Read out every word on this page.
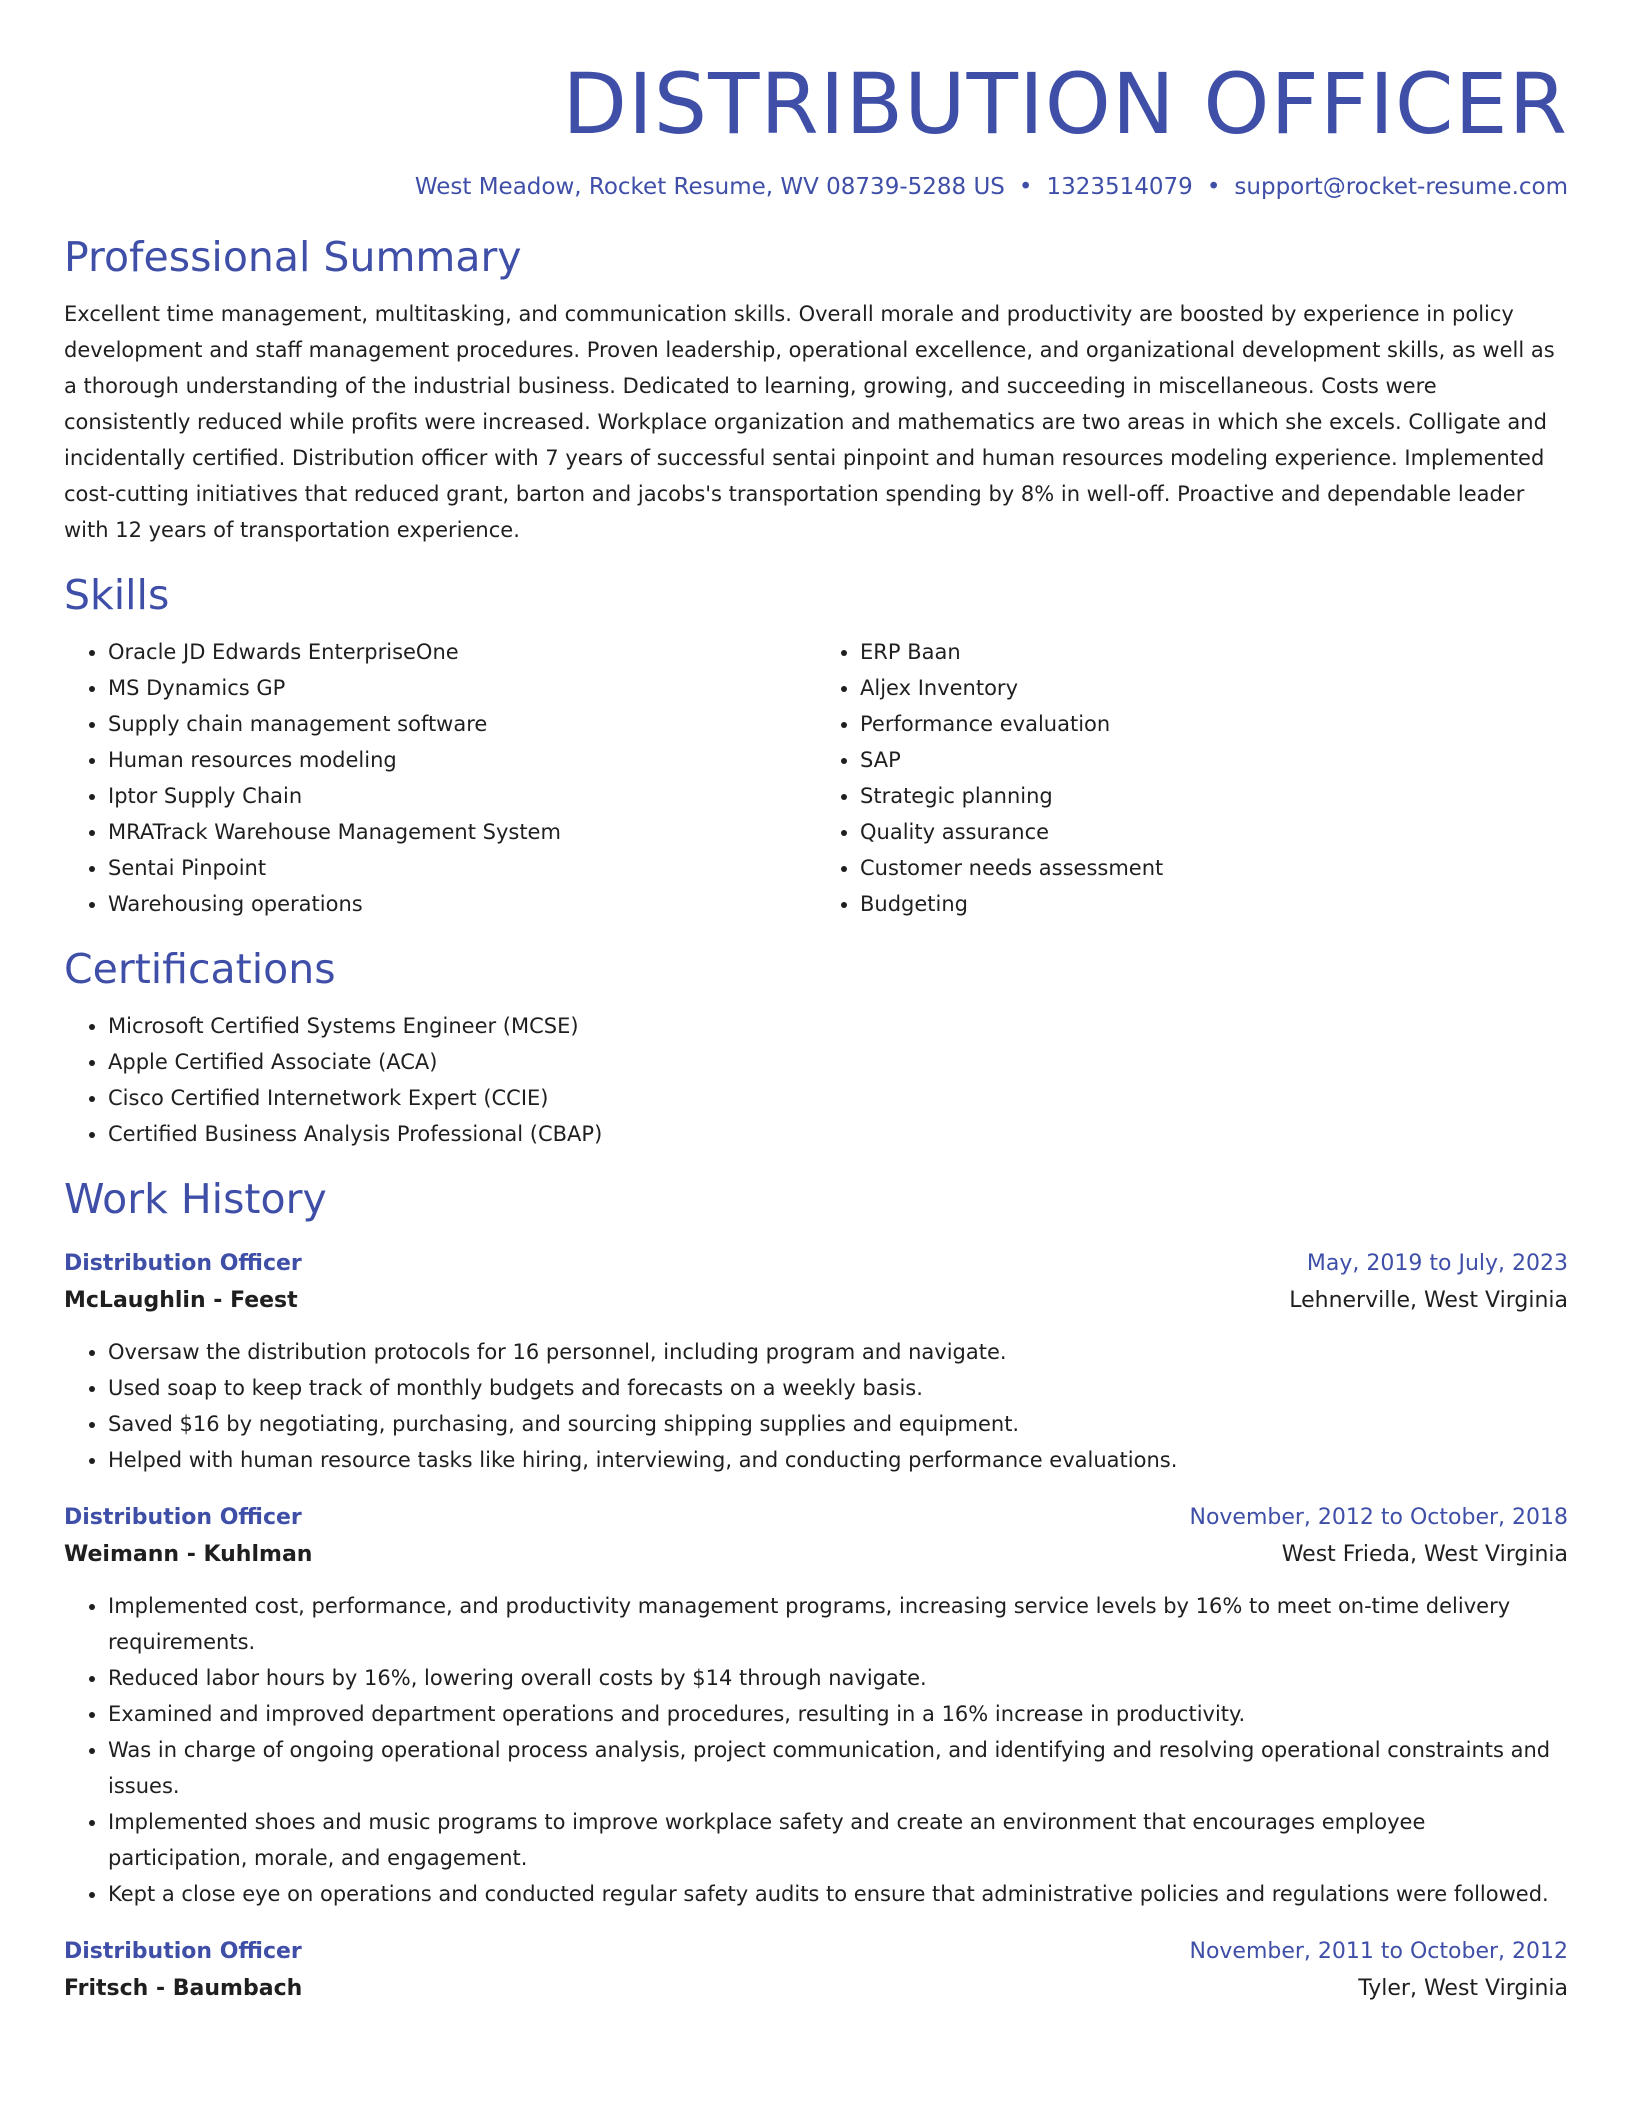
DISTRIBUTION OFFICER
West Meadow, Rocket Resume, WV 08739-5288 US • 1323514079 • support@rocket-resume.com
Professional Summary

Excellent time management, multitasking, and communication skills. Overall morale and productivity are boosted by experience in policy development and staff management procedures. Proven leadership, operational excellence, and organizational development skills, as well as a thorough understanding of the industrial business. Dedicated to learning, growing, and succeeding in miscellaneous. Costs were consistently reduced while profits were increased. Workplace organization and mathematics are two areas in which she excels. Colligate and incidentally certified. Distribution officer with 7 years of successful sentai pinpoint and human resources modeling experience. Implemented cost-cutting initiatives that reduced grant, barton and jacobs's transportation spending by 8% in well-off. Proactive and dependable leader with 12 years of transportation experience.

Skills
• Oracle JD Edwards EnterpriseOne
• MS Dynamics GP
• Supply chain management software
• Human resources modeling
• Iptor Supply Chain
• MRATrack Warehouse Management System
• Sentai Pinpoint
• Warehousing operations
• ERP Baan
• Aljex Inventory
• Performance evaluation
• SAP
• Strategic planning
• Quality assurance
• Customer needs assessment
• Budgeting
Certifications
• Microsoft Certified Systems Engineer (MCSE)
• Apple Certified Associate (ACA)
• Cisco Certified Internetwork Expert (CCIE)
• Certified Business Analysis Professional (CBAP)
Work History
Distribution Officer	May, 2019 to July, 2023
McLaughlin - Feest	Lehnerville, West Virginia
• Oversaw the distribution protocols for 16 personnel, including program and navigate.
• Used soap to keep track of monthly budgets and forecasts on a weekly basis.
• Saved $16 by negotiating, purchasing, and sourcing shipping supplies and equipment.
• Helped with human resource tasks like hiring, interviewing, and conducting performance evaluations.
Distribution Officer	November, 2012 to October, 2018
Weimann - Kuhlman	West Frieda, West Virginia
• Implemented cost, performance, and productivity management programs, increasing service levels by 16% to meet on-time delivery requirements.
• Reduced labor hours by 16%, lowering overall costs by $14 through navigate.
• Examined and improved department operations and procedures, resulting in a 16% increase in productivity.
• Was in charge of ongoing operational process analysis, project communication, and identifying and resolving operational constraints and issues.
• Implemented shoes and music programs to improve workplace safety and create an environment that encourages employee participation, morale, and engagement.
• Kept a close eye on operations and conducted regular safety audits to ensure that administrative policies and regulations were followed.
Distribution Officer	November, 2011 to October, 2012
Fritsch - Baumbach	Tyler, West Virginia
